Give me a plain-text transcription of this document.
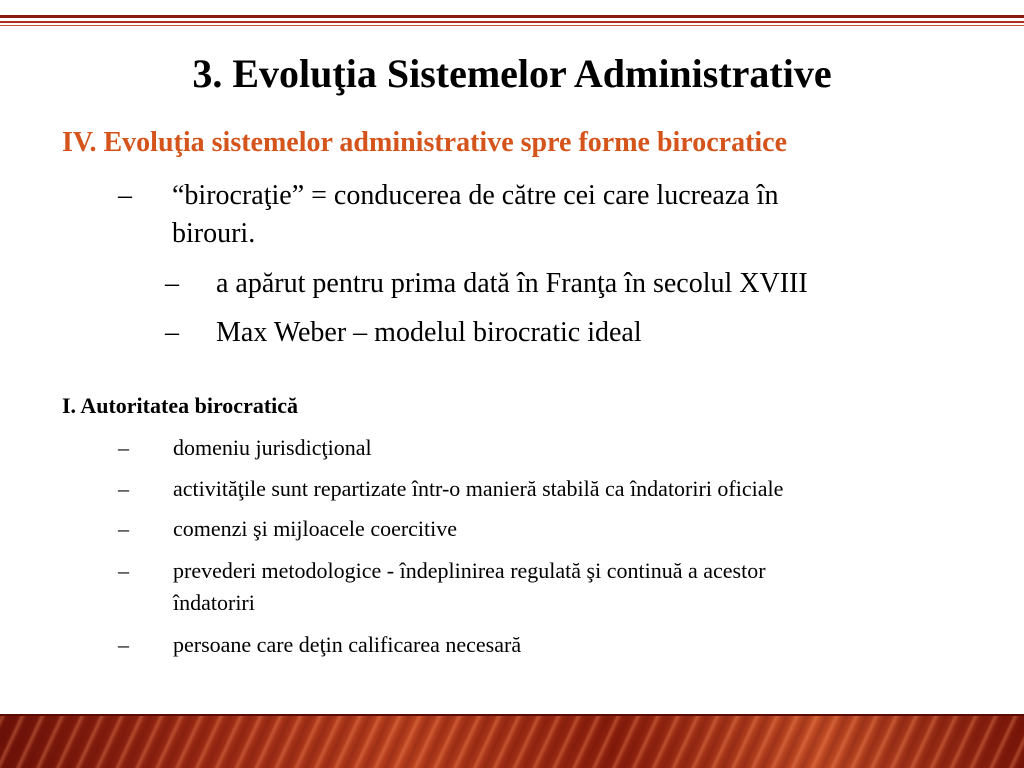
3. Evoluţia Sistemelor Administrative
IV. Evoluţia sistemelor administrative spre forme birocratice
– “birocraţie” = conducerea de către cei care lucreaza în
birouri.
– a apărut pentru prima dată în Franţa în secolul XVIII
– Max Weber – modelul birocratic ideal
I. Autoritatea birocratică
– domeniu jurisdicţional
– activităţile sunt repartizate într-o manieră stabilă ca îndatoriri oficiale
– comenzi şi mijloacele coercitive
– prevederi metodologice - îndeplinirea regulată şi continuă a acestor
îndatoriri
– persoane care deţin calificarea necesară
